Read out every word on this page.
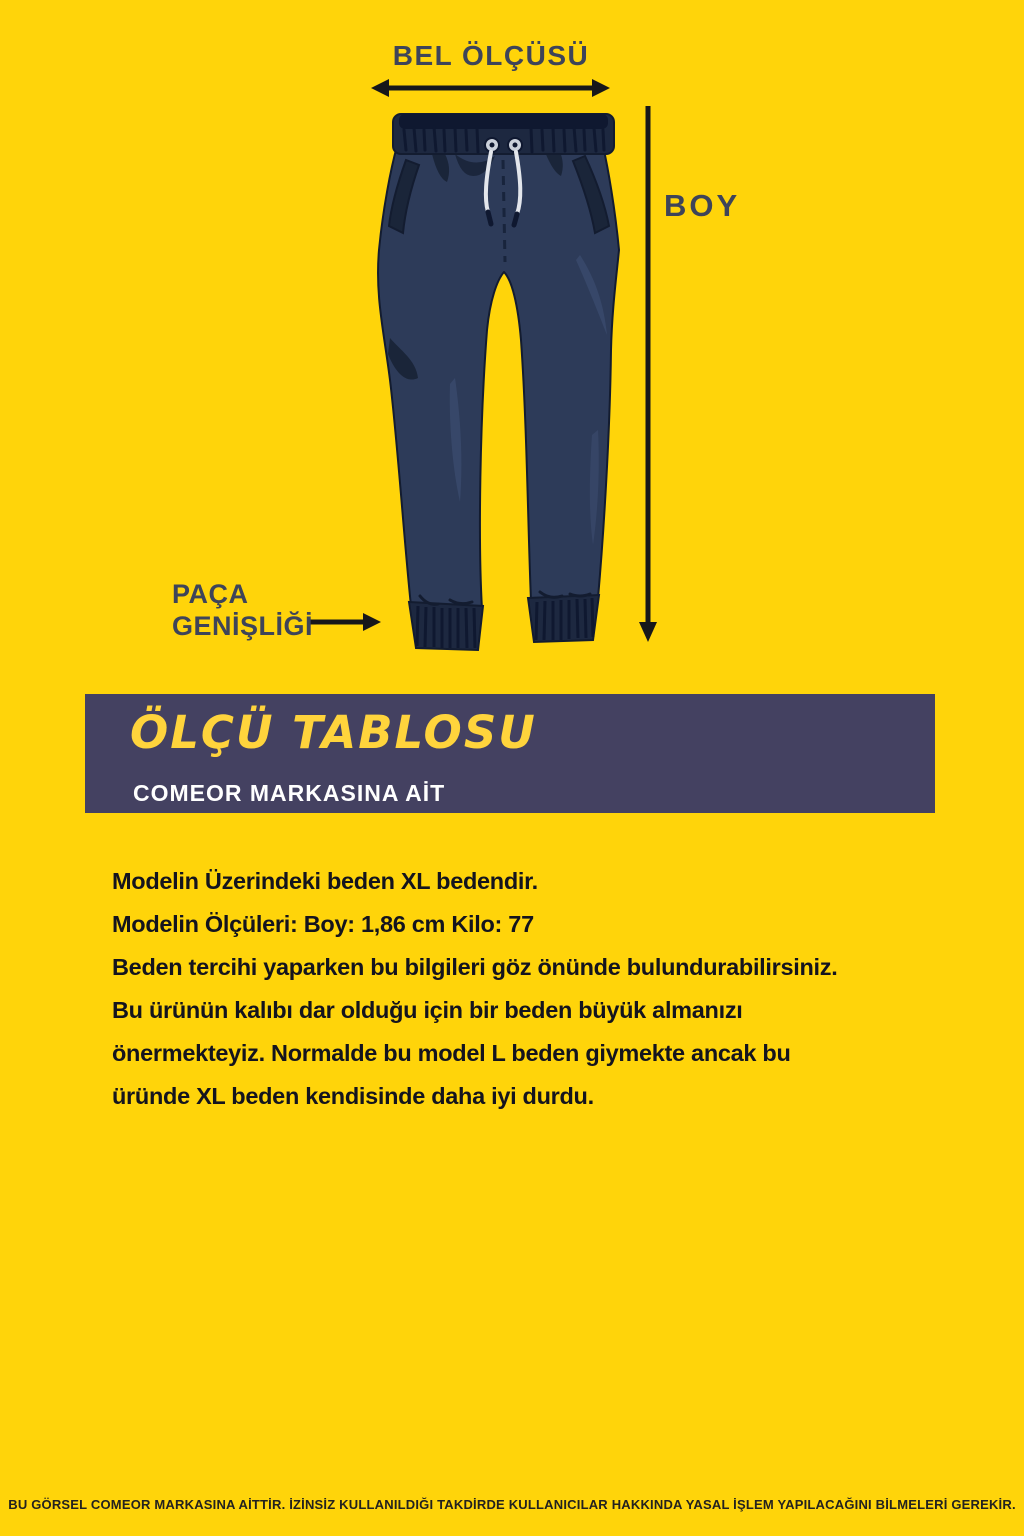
BEL ÖLÇÜSÜ
BOY
PAÇA
GENİŞLİĞİ
ÖLÇÜ TABLOSU
COMEOR MARKASINA AİT
Modelin Üzerindeki beden XL bedendir.
Modelin Ölçüleri: Boy: 1,86 cm Kilo: 77
Beden tercihi yaparken bu bilgileri göz önünde bulundurabilirsiniz.
Bu ürünün kalıbı dar olduğu için bir beden büyük almanızı
önermekteyiz. Normalde bu model L beden giymekte ancak bu
üründe XL beden kendisinde daha iyi durdu.
BU GÖRSEL COMEOR MARKASINA AİTTİR. İZİNSİZ KULLANILDIĞI TAKDİRDE KULLANICILAR HAKKINDA YASAL İŞLEM YAPILACAĞINI BİLMELERİ GEREKİR.
